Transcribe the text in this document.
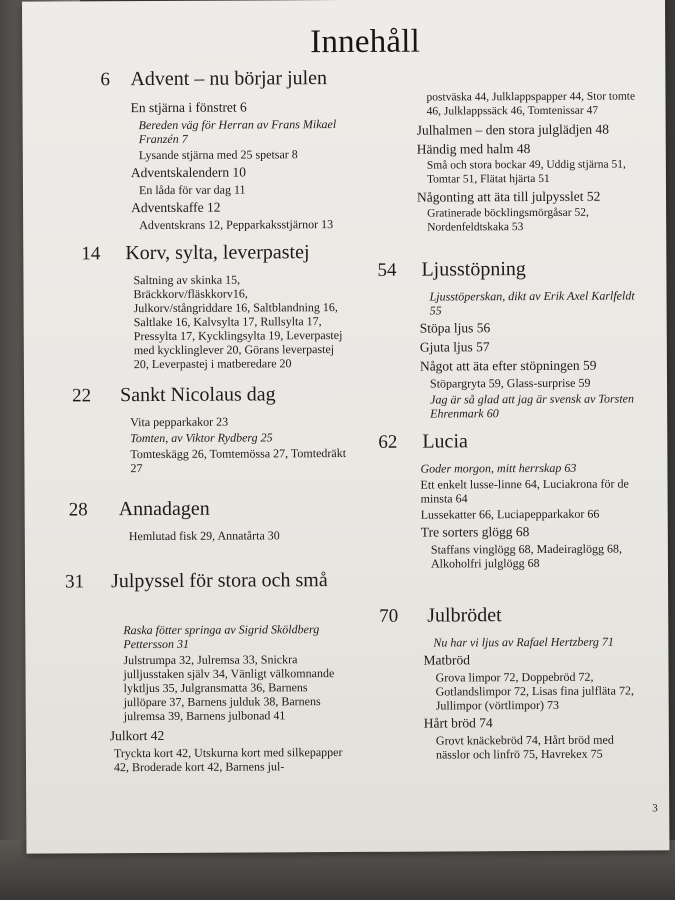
Innehåll
6 Advent – nu börjar julen
En stjärna i fönstret 6
Bereden väg för Herran av Frans Mikael Franzén 7
Lysande stjärna med 25 spetsar 8
Adventskalendern 10
En låda för var dag 11
Adventskaffe 12
Adventskrans 12, Pepparkaksstjärnor 13
14 Korv, sylta, leverpastej
Saltning av skinka 15, Bräckkorv/fläskkorv16, Julkorv/stångriddare 16, Saltblandning 16, Saltlake 16, Kalvsylta 17, Rullsylta 17, Pressylta 17, Kycklingsylta 19, Leverpastej med kycklinglever 20, Görans leverpastej 20, Leverpastej i matberedare 20
22 Sankt Nicolaus dag
Vita pepparkakor 23
Tomten, av Viktor Rydberg 25
Tomteskägg 26, Tomtemössa 27, Tomtedräkt 27
28 Annadagen
Hemlutad fisk 29, Annatårta 30
31 Julpyssel för stora och små
Raska fötter springa av Sigrid Sköldberg Pettersson 31
Julstrumpa 32, Julremsa 33, Snickra julljusstaken själv 34, Vänligt välkomnande lyktljus 35, Julgransmatta 36, Barnens jullöpare 37, Barnens julduk 38, Barnens julremsa 39, Barnens julbonad 41
Julkort 42
Tryckta kort 42, Utskurna kort med silkepapper 42, Broderade kort 42, Barnens jul-
postväska 44, Julklappspapper 44, Stor tomte 46, Julklappssäck 46, Tomtenissar 47
Julhalmen – den stora julglädjen 48
Händig med halm 48
Små och stora bockar 49, Uddig stjärna 51, Tomtar 51, Flätat hjärta 51
Någonting att äta till julpysslet 52
Gratinerade böcklingsmörgåsar 52, Nordenfeldtskaka 53
54 Ljusstöpning
Ljusstöperskan, dikt av Erik Axel Karlfeldt 55
Stöpa ljus 56
Gjuta ljus 57
Något att äta efter stöpningen 59
Stöpargryta 59, Glass-surprise 59
Jag är så glad att jag är svensk av Torsten Ehrenmark 60
62 Lucia
Goder morgon, mitt herrskap 63
Ett enkelt lusse-linne 64, Luciakrona för de minsta 64
Lussekatter 66, Luciapepparkakor 66
Tre sorters glögg 68
Staffans vinglögg 68, Madeiraglögg 68, Alkoholfri julglögg 68
70 Julbrödet
Nu har vi ljus av Rafael Hertzberg 71
Matbröd
Grova limpor 72, Doppebröd 72, Gotlandslimpor 72, Lisas fina julfläta 72, Jullimpor (vörtlimpor) 73
Hårt bröd 74
Grovt knäckebröd 74, Hårt bröd med nässlor och linfrö 75, Havrekex 75
3
